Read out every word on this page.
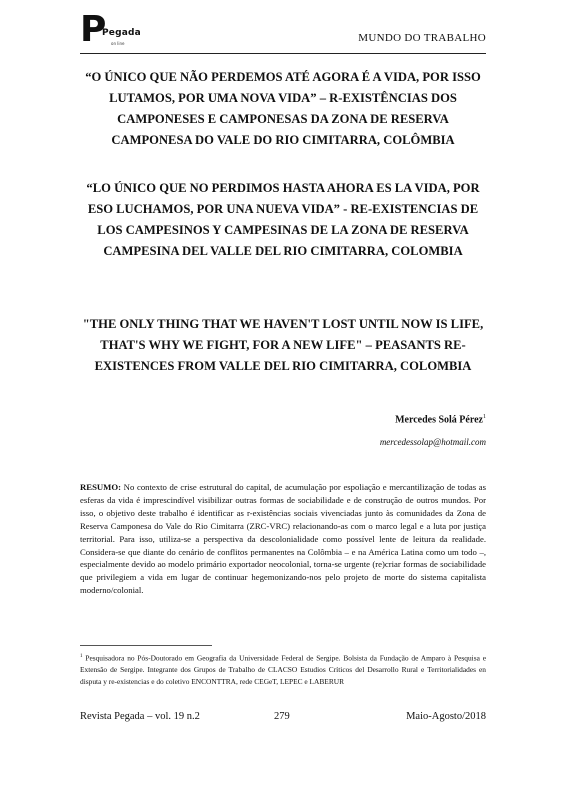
P
Pegada
on line	MUNDO DO TRABALHO

“O ÚNICO QUE NÃO PERDEMOS ATÉ AGORA É A VIDA, POR ISSO LUTAMOS, POR UMA NOVA VIDA” – R-EXISTÊNCIAS DOS CAMPONESES E CAMPONESAS DA ZONA DE RESERVA CAMPONESA DO VALE DO RIO CIMITARRA, COLÔMBIA

“LO ÚNICO QUE NO PERDIMOS HASTA AHORA ES LA VIDA, POR ESO LUCHAMOS, POR UNA NUEVA VIDA” - RE-EXISTENCIAS DE LOS CAMPESINOS Y CAMPESINAS DE LA ZONA DE RESERVA CAMPESINA DEL VALLE DEL RIO CIMITARRA, COLOMBIA

"THE ONLY THING THAT WE HAVEN'T LOST UNTIL NOW IS LIFE, THAT'S WHY WE FIGHT, FOR A NEW LIFE" – PEASANTS RE-EXISTENCES FROM VALLE DEL RIO CIMITARRA, COLOMBIA

Mercedes Solá Pérez$^1$
mercedessolap@hotmail.com

RESUMO: No contexto de crise estrutural do capital, de acumulação por espoliação e mercantilização de todas as esferas da vida é imprescindível visibilizar outras formas de sociabilidade e de construção de outros mundos. Por isso, o objetivo deste trabalho é identificar as r-existências sociais vivenciadas junto às comunidades da Zona de Reserva Camponesa do Vale do Rio Cimitarra (ZRC-VRC) relacionando-as com o marco legal e a luta por justiça territorial. Para isso, utiliza-se a perspectiva da descolonialidade como possível lente de leitura da realidade. Considera-se que diante do cenário de conflitos permanentes na Colômbia – e na América Latina como um todo –, especialmente devido ao modelo primário exportador neocolonial, torna-se urgente (re)criar formas de sociabilidade que privilegiem a vida em lugar de continuar hegemonizando-nos pelo projeto de morte do sistema capitalista moderno/colonial.

$^1$ Pesquisadora no Pós-Doutorado em Geografia da Universidade Federal de Sergipe. Bolsista da Fundação de Amparo à Pesquisa e Extensão de Sergipe. Integrante dos Grupos de Trabalho de CLACSO Estudios Críticos del Desarrollo Rural e Territorialidades en disputa y re-existencias e do coletivo ENCONTTRA, rede CEGeT, LEPEC e LABERUR

Revista Pegada – vol. 19 n.2	279	Maio-Agosto/2018
